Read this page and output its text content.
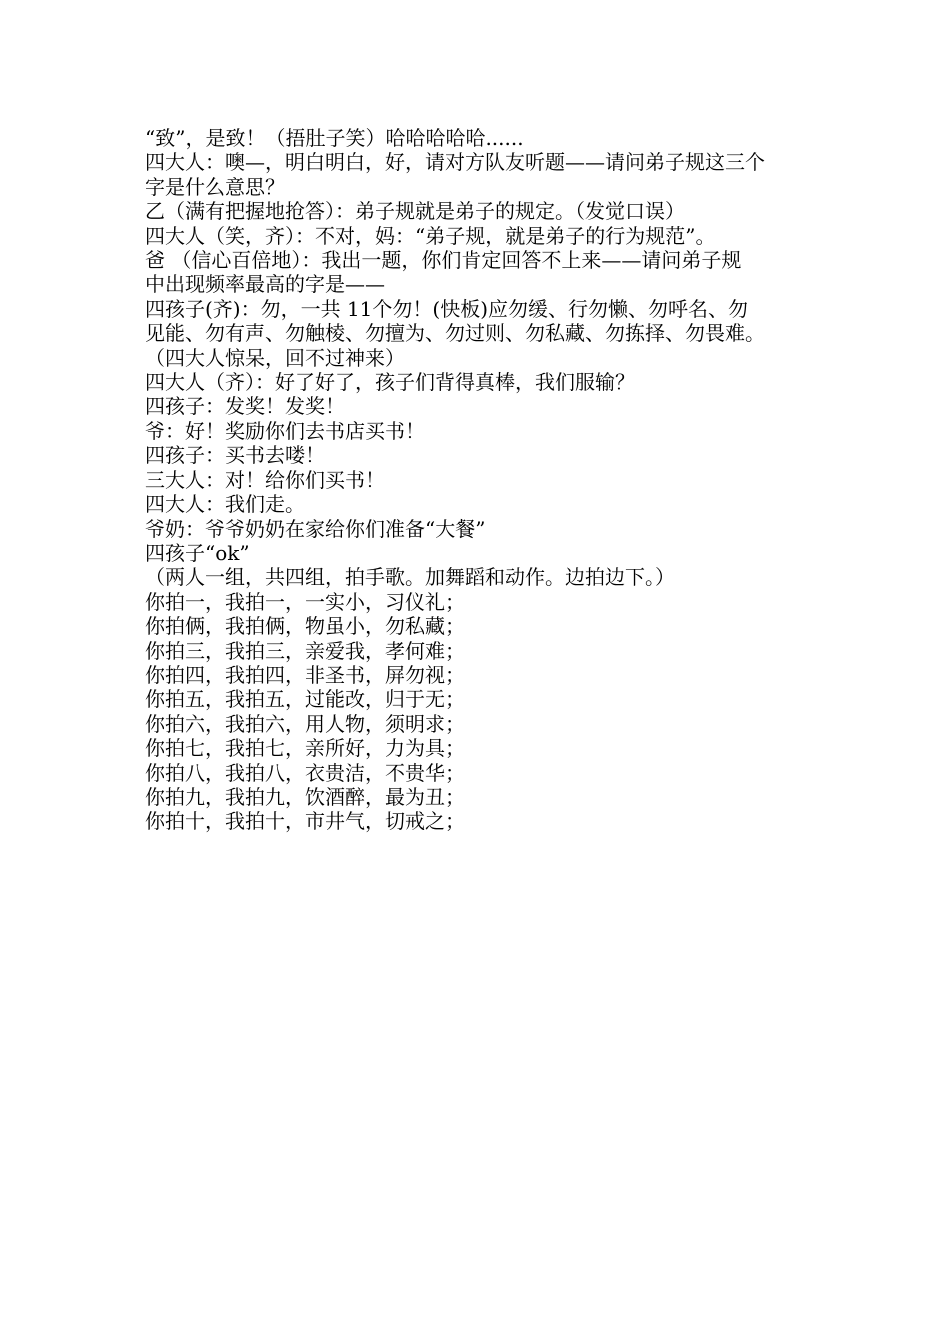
“致”，是致！（捂肚子笑）哈哈哈哈哈......

四大人：噢—，明白明白，好，请对方队友听题——请问弟子规这三个

字是什么意思？

乙（满有把握地抢答）：弟子规就是弟子的规定。（发觉口误）

四大人（笑，齐）：不对，妈：“弟子规，就是弟子的行为规范”。

爸 （信心百倍地）：我出一题，你们肯定回答不上来——请问弟子规

中出现频率最高的字是——

四孩子(齐)：勿，一共 11个勿！(快板)应勿缓、行勿懒、勿呼名、勿

见能、勿有声、勿触棱、勿擅为、勿过则、勿私藏、勿拣择、勿畏难。

（四大人惊呆，回不过神来）

四大人（齐）：好了好了，孩子们背得真棒，我们服输？

四孩子：发奖！发奖！

爷：好！奖励你们去书店买书！

四孩子：买书去喽！

三大人：对！给你们买书！

四大人：我们走。

爷奶：爷爷奶奶在家给你们准备“大餐”

四孩子“ok”

（两人一组，共四组，拍手歌。加舞蹈和动作。边拍边下。）

你拍一，我拍一，一实小，习仪礼；

你拍俩，我拍俩，物虽小，勿私藏；

你拍三，我拍三，亲爱我，孝何难；

你拍四，我拍四，非圣书，屏勿视；

你拍五，我拍五，过能改，归于无；

你拍六，我拍六，用人物，须明求；

你拍七，我拍七，亲所好，力为具；

你拍八，我拍八，衣贵洁，不贵华；

你拍九，我拍九，饮酒醉，最为丑；

你拍十，我拍十，市井气，切戒之；
